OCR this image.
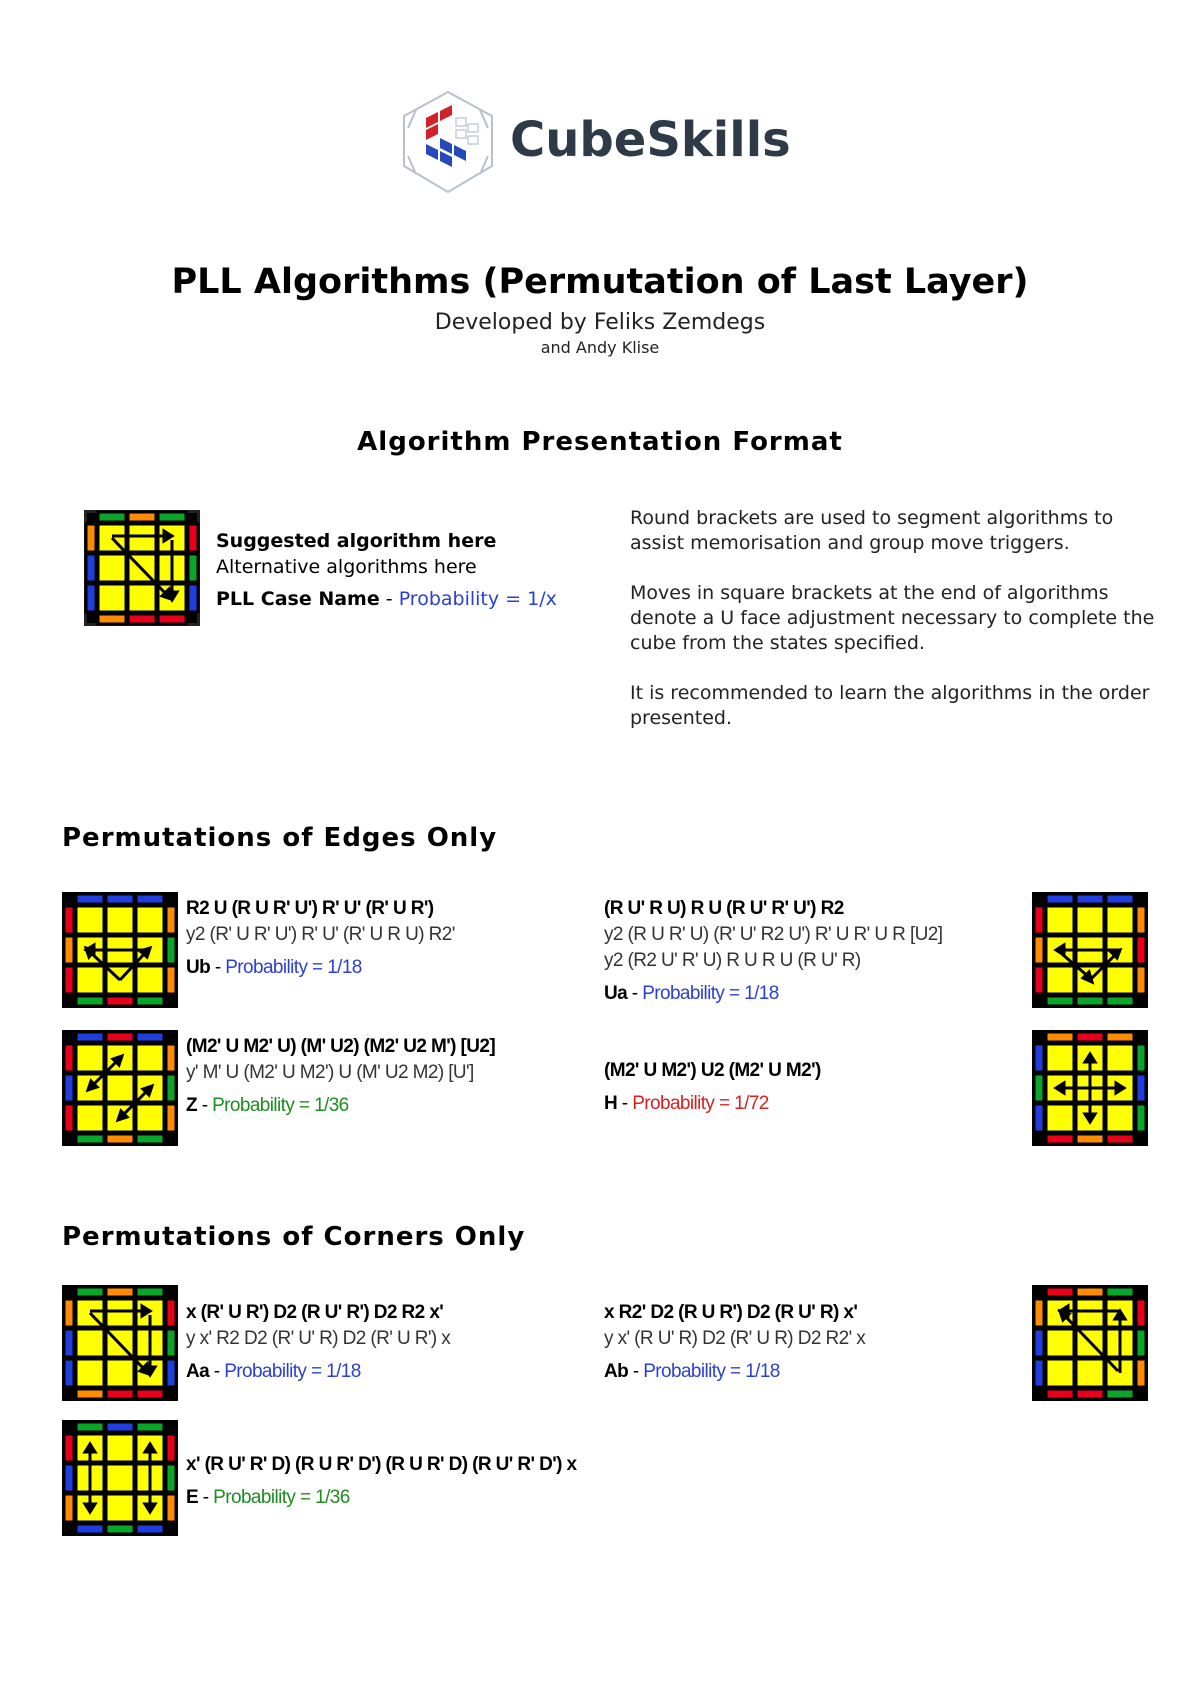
CubeSkills
PLL Algorithms (Permutation of Last Layer)
Developed by Feliks Zemdegs
and Andy Klise
Algorithm Presentation Format
Suggested algorithm here
Alternative algorithms here
PLL Case Name - Probability = 1/x
Round brackets are used to segment algorithms to assist memorisation and group move triggers.
Moves in square brackets at the end of algorithms denote a U face adjustment necessary to complete the cube from the states specified.
It is recommended to learn the algorithms in the order presented.
Permutations of Edges Only
R2 U (R U R' U') R' U' (R' U R')
y2 (R' U R' U') R' U' (R' U R U) R2'
Ub - Probability = 1/18
(R U' R U) R U (R U' R' U') R2
y2 (R U R' U) (R' U' R2 U') R' U R' U R [U2]
y2 (R2 U' R' U) R U R U (R U' R)
Ua - Probability = 1/18
(M2' U M2' U) (M' U2) (M2' U2 M') [U2]
y' M' U (M2' U M2') U (M' U2 M2) [U']
Z - Probability = 1/36
(M2' U M2') U2 (M2' U M2')
H - Probability = 1/72
Permutations of Corners Only
x (R' U R') D2 (R U' R') D2 R2 x'
y x' R2 D2 (R' U' R) D2 (R' U R') x
Aa - Probability = 1/18
x R2' D2 (R U R') D2 (R U' R) x'
y x' (R U' R) D2 (R' U R) D2 R2' x
Ab - Probability = 1/18
x' (R U' R' D) (R U R' D') (R U R' D) (R U' R' D') x
E - Probability = 1/36
